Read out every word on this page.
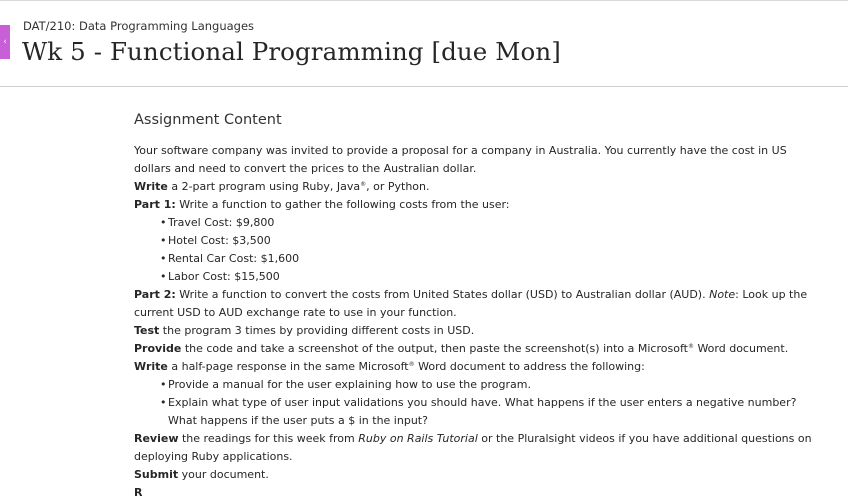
‹
DAT/210: Data Programming Languages
Wk 5 - Functional Programming [due Mon]
Assignment Content
Your software company was invited to provide a proposal for a company in Australia. You currently have the cost in US dollars and need to convert the prices to the Australian dollar.
Write a 2-part program using Ruby, Java®, or Python.
Part 1: Write a function to gather the following costs from the user:
• Travel Cost: $9,800
• Hotel Cost: $3,500
• Rental Car Cost: $1,600
• Labor Cost: $15,500
Part 2: Write a function to convert the costs from United States dollar (USD) to Australian dollar (AUD). Note: Look up the current USD to AUD exchange rate to use in your function.
Test the program 3 times by providing different costs in USD.
Provide the code and take a screenshot of the output, then paste the screenshot(s) into a Microsoft® Word document.
Write a half-page response in the same Microsoft® Word document to address the following:
• Provide a manual for the user explaining how to use the program.
• Explain what type of user input validations you should have. What happens if the user enters a negative number? What happens if the user puts a $ in the input?
Review the readings for this week from Ruby on Rails Tutorial or the Pluralsight videos if you have additional questions on deploying Ruby applications.
Submit your document.
R
